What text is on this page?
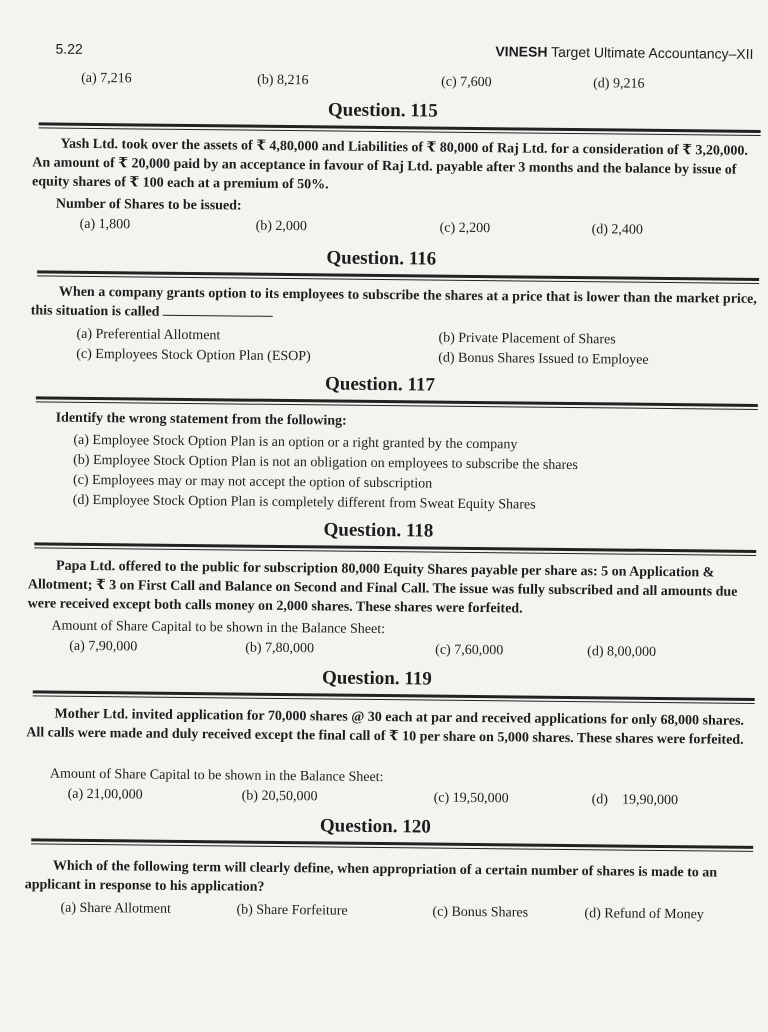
5.22	VINESH Target Ultimate Accountancy–XII
(a) 7,216	(b) 8,216	(c) 7,600	(d) 9,216
Question. 115
Yash Ltd. took over the assets of ₹ 4,80,000 and Liabilities of ₹ 80,000 of Raj Ltd. for a consideration of ₹ 3,20,000. An amount of ₹ 20,000 paid by an acceptance in favour of Raj Ltd. payable after 3 months and the balance by issue of equity shares of ₹ 100 each at a premium of 50%.
Number of Shares to be issued:
(a) 1,800	(b) 2,000	(c) 2,200	(d) 2,400
Question. 116
When a company grants option to its employees to subscribe the shares at a price that is lower than the market price, this situation is called
(a) Preferential Allotment	(b) Private Placement of Shares
(c) Employees Stock Option Plan (ESOP)	(d) Bonus Shares Issued to Employee
Question. 117
Identify the wrong statement from the following:
(a) Employee Stock Option Plan is an option or a right granted by the company
(b) Employee Stock Option Plan is not an obligation on employees to subscribe the shares
(c) Employees may or may not accept the option of subscription
(d) Employee Stock Option Plan is completely different from Sweat Equity Shares
Question. 118
Papa Ltd. offered to the public for subscription 80,000 Equity Shares payable per share as: 5 on Application & Allotment; ₹ 3 on First Call and Balance on Second and Final Call. The issue was fully subscribed and all amounts due were received except both calls money on 2,000 shares. These shares were forfeited.
Amount of Share Capital to be shown in the Balance Sheet:
(a) 7,90,000	(b) 7,80,000	(c) 7,60,000	(d) 8,00,000
Question. 119
Mother Ltd. invited application for 70,000 shares @ 30 each at par and received applications for only 68,000 shares. All calls were made and duly received except the final call of ₹ 10 per share on 5,000 shares. These shares were forfeited.
Amount of Share Capital to be shown in the Balance Sheet:
(a) 21,00,000	(b) 20,50,000	(c) 19,50,000	(d)    19,90,000
Question. 120
Which of the following term will clearly define, when appropriation of a certain number of shares is made to an applicant in response to his application?
(a) Share Allotment	(b) Share Forfeiture	(c) Bonus Shares	(d) Refund of Money
